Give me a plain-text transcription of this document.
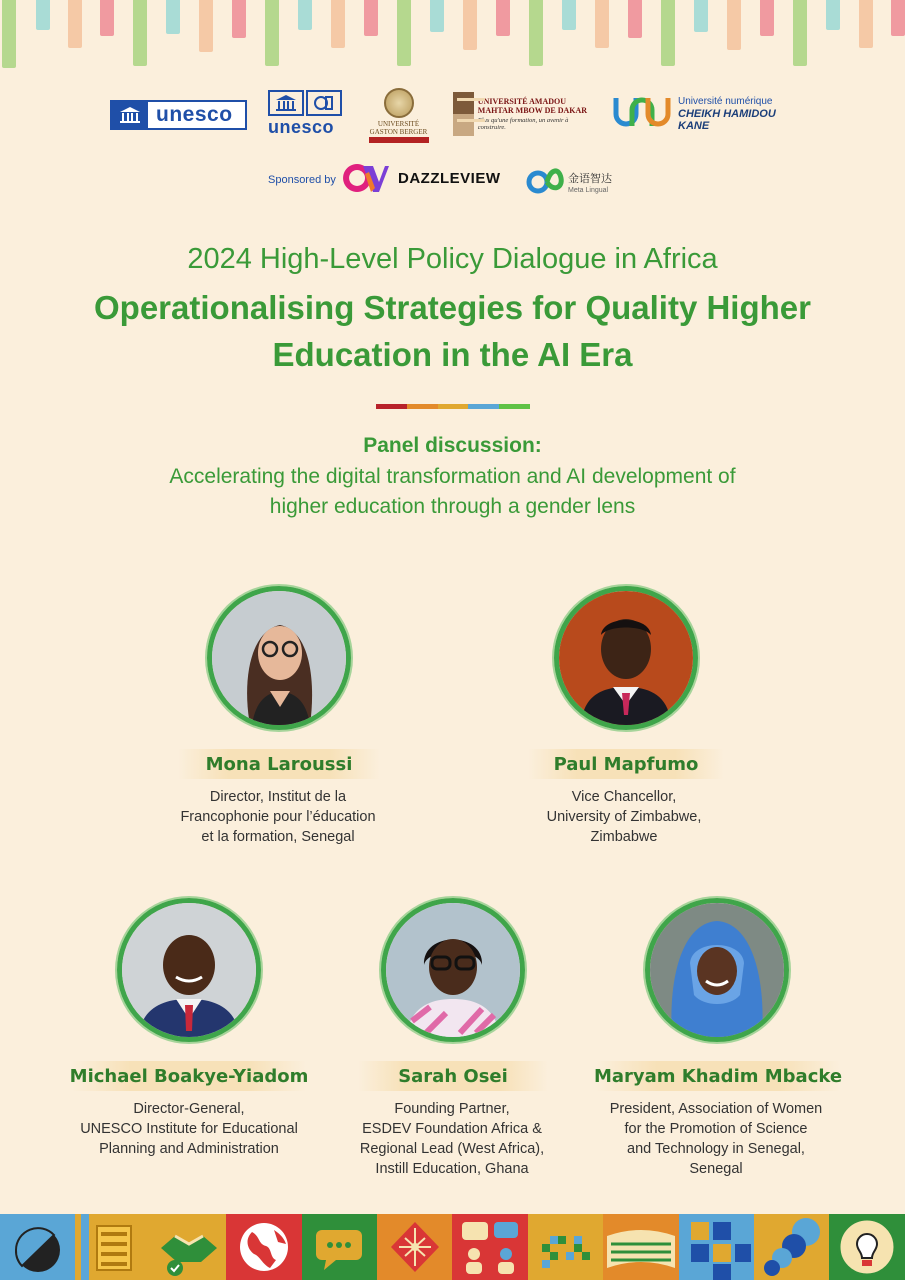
unesco
unesco	UNIVERSITÉ GASTON BERGER
UNIVERSITÉ AMADOU MAHTAR MBOW DE DAKAR
Plus qu'une formation, un avenir à construire.
Université numérique
CHEIKH HAMIDOU KANE
Sponsored by	DAZZLEVIEW	金语智达
Meta Lingual
2024 High-Level Policy Dialogue in Africa
Operationalising Strategies for Quality Higher
Education in the AI Era
Panel discussion:
Accelerating the digital transformation and AI development of
higher education through a gender lens
Mona Laroussi
Director, Institut de la
Francophonie pour l’éducation
et la formation, Senegal
Paul Mapfumo
Vice Chancellor,
University of Zimbabwe,
Zimbabwe
Michael Boakye-Yiadom
Director-General,
UNESCO Institute for Educational
Planning and Administration
Sarah Osei
Founding Partner,
ESDEV Foundation Africa &
Regional Lead (West Africa),
Instill Education, Ghana
Maryam Khadim Mbacke
President, Association of Women
for the Promotion of Science
and Technology in Senegal,
Senegal
